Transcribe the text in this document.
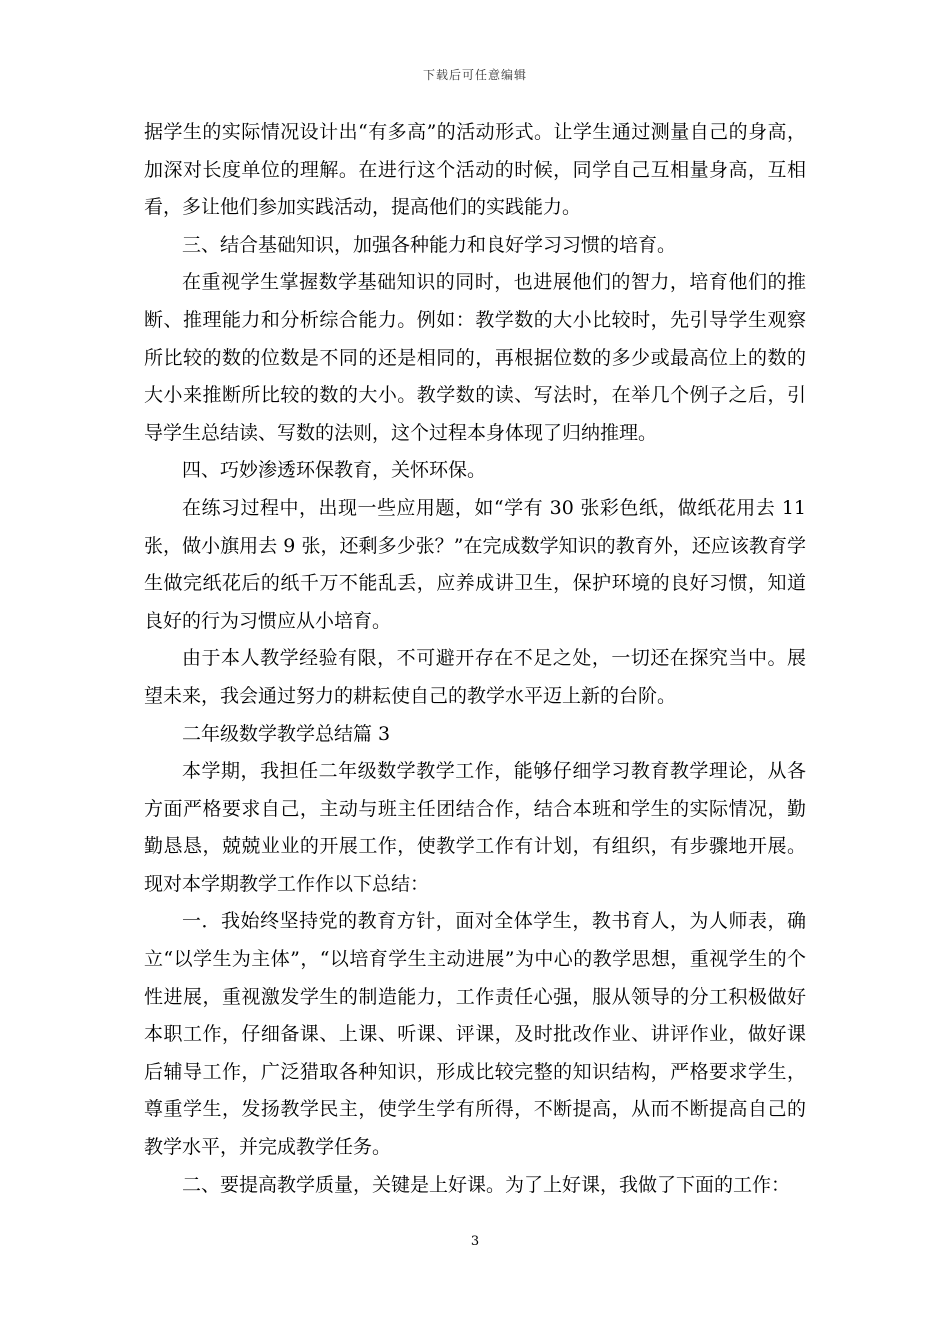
下载后可任意编辑

据学生的实际情况设计出“有多高”的活动形式。让学生通过测量自己的身高，加深对长度单位的理解。在进行这个活动的时候，同学自己互相量身高，互相看，多让他们参加实践活动，提高他们的实践能力。

三、结合基础知识，加强各种能力和良好学习习惯的培育。

在重视学生掌握数学基础知识的同时，也进展他们的智力，培育他们的推断、推理能力和分析综合能力。例如：教学数的大小比较时，先引导学生观察所比较的数的位数是不同的还是相同的，再根据位数的多少或最高位上的数的大小来推断所比较的数的大小。教学数的读、写法时，在举几个例子之后，引导学生总结读、写数的法则，这个过程本身体现了归纳推理。

四、巧妙渗透环保教育，关怀环保。

在练习过程中，出现一些应用题，如“学有 30 张彩色纸，做纸花用去 11 张，做小旗用去 9 张，还剩多少张？”在完成数学知识的教育外，还应该教育学生做完纸花后的纸千万不能乱丢，应养成讲卫生，保护环境的良好习惯，知道良好的行为习惯应从小培育。

由于本人教学经验有限，不可避开存在不足之处，一切还在探究当中。展望未来，我会通过努力的耕耘使自己的教学水平迈上新的台阶。

二年级数学教学总结篇 3

本学期，我担任二年级数学教学工作，能够仔细学习教育教学理论，从各方面严格要求自己，主动与班主任团结合作，结合本班和学生的实际情况，勤勤恳恳，兢兢业业的开展工作，使教学工作有计划，有组织，有步骤地开展。现对本学期教学工作作以下总结：

一．我始终坚持党的教育方针，面对全体学生，教书育人，为人师表，确立“以学生为主体”，“以培育学生主动进展”为中心的教学思想，重视学生的个性进展，重视激发学生的制造能力，工作责任心强，服从领导的分工积极做好本职工作，仔细备课、上课、听课、评课，及时批改作业、讲评作业，做好课后辅导工作，广泛猎取各种知识，形成比较完整的知识结构，严格要求学生，尊重学生，发扬教学民主，使学生学有所得，不断提高，从而不断提高自己的教学水平，并完成教学任务。

二、要提高教学质量，关键是上好课。为了上好课，我做了下面的工作：

3
